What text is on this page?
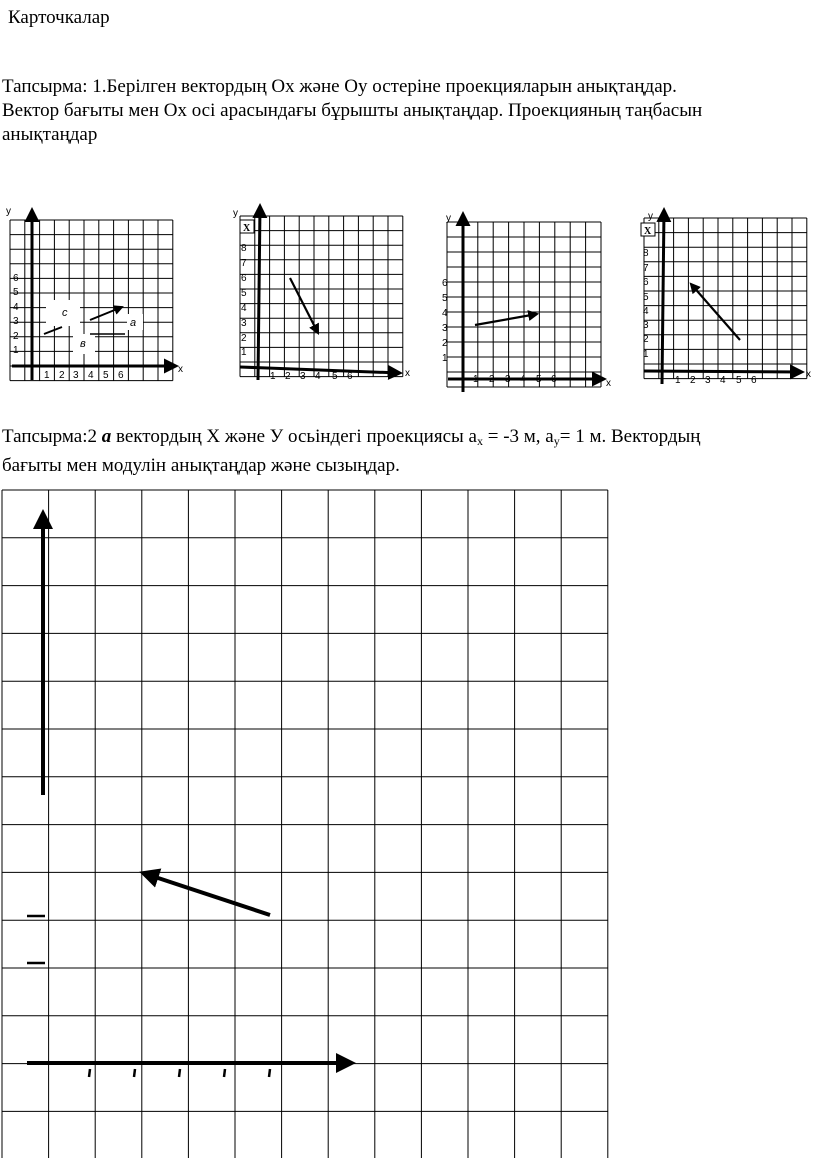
Карточкалар
Тапсырма: 1.Берілген вектордың Ох және Оу остеріне проекцияларын анықтаңдар.
Вектор бағыты мен Ох осі арасындағы бұрышты анықтаңдар. Проекцияның таңбасын
анықтаңдар
Тапсырма:2 a вектордың Х және У осьіндегі проекциясы $a_x = -3$ м, $a_y= 1$ м. Вектордың
бағыты мен модулін анықтаңдар және сызыңдар.
y
x
1
2
3
4
5
6
1 2 3 4 5 6
c
a
в
y
X
x
1
2
3
4
5
6
7
8
1 2 3 4 5 6
y
x
1
2
3
4
5
6
1 2 3 4 5 6
y
X
x
1
2
3
4
5
6
7
8
1 2 3 4 5 6
